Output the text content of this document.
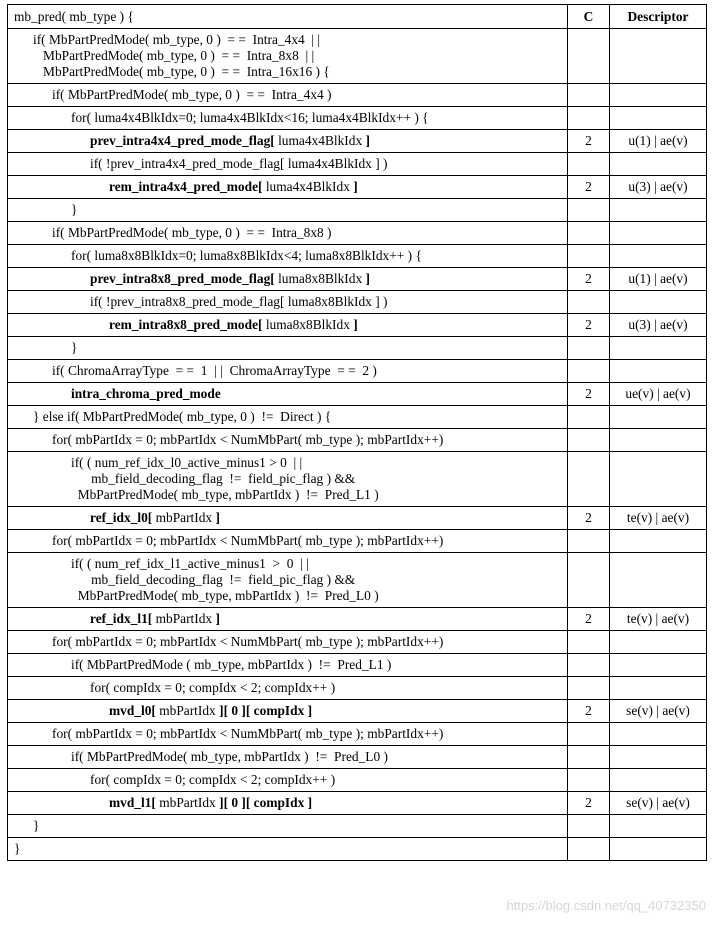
mb_pred( mb_type ) {	C	Descriptor

if( MbPartPredMode( mb_type, 0 )  = =  Intra_4x4  | |
MbPartPredMode( mb_type, 0 )  = =  Intra_8x8  | |
MbPartPredMode( mb_type, 0 )  = =  Intra_16x16 ) {		

if( MbPartPredMode( mb_type, 0 )  = =  Intra_4x4 )		

for( luma4x4BlkIdx=0; luma4x4BlkIdx<16; luma4x4BlkIdx++ ) {		

prev_intra4x4_pred_mode_flag[ luma4x4BlkIdx ]	2	u(1) | ae(v)

if( !prev_intra4x4_pred_mode_flag[ luma4x4BlkIdx ] )		

rem_intra4x4_pred_mode[ luma4x4BlkIdx ]	2	u(3) | ae(v)

}		

if( MbPartPredMode( mb_type, 0 )  = =  Intra_8x8 )		

for( luma8x8BlkIdx=0; luma8x8BlkIdx<4; luma8x8BlkIdx++ ) {		

prev_intra8x8_pred_mode_flag[ luma8x8BlkIdx ]	2	u(1) | ae(v)

if( !prev_intra8x8_pred_mode_flag[ luma8x8BlkIdx ] )		

rem_intra8x8_pred_mode[ luma8x8BlkIdx ]	2	u(3) | ae(v)

}		

if( ChromaArrayType  = =  1  | |  ChromaArrayType  = =  2 )		

intra_chroma_pred_mode	2	ue(v) | ae(v)

} else if( MbPartPredMode( mb_type, 0 )  !=  Direct ) {		

for( mbPartIdx = 0; mbPartIdx < NumMbPart( mb_type ); mbPartIdx++)		

if( ( num_ref_idx_l0_active_minus1 > 0  | |
mb_field_decoding_flag  !=  field_pic_flag ) &&
MbPartPredMode( mb_type, mbPartIdx )  !=  Pred_L1 )		

ref_idx_l0[ mbPartIdx ]	2	te(v) | ae(v)

for( mbPartIdx = 0; mbPartIdx < NumMbPart( mb_type ); mbPartIdx++)		

if( ( num_ref_idx_l1_active_minus1  >  0  | |
mb_field_decoding_flag  !=  field_pic_flag ) &&
MbPartPredMode( mb_type, mbPartIdx )  !=  Pred_L0 )		

ref_idx_l1[ mbPartIdx ]	2	te(v) | ae(v)

for( mbPartIdx = 0; mbPartIdx < NumMbPart( mb_type ); mbPartIdx++)		

if( MbPartPredMode ( mb_type, mbPartIdx )  !=  Pred_L1 )		

for( compIdx = 0; compIdx < 2; compIdx++ )		

mvd_l0[ mbPartIdx ][ 0 ][ compIdx ]	2	se(v) | ae(v)

for( mbPartIdx = 0; mbPartIdx < NumMbPart( mb_type ); mbPartIdx++)		

if( MbPartPredMode( mb_type, mbPartIdx )  !=  Pred_L0 )		

for( compIdx = 0; compIdx < 2; compIdx++ )		

mvd_l1[ mbPartIdx ][ 0 ][ compIdx ]	2	se(v) | ae(v)

}		

}		

https://blog.csdn.net/qq_40732350
